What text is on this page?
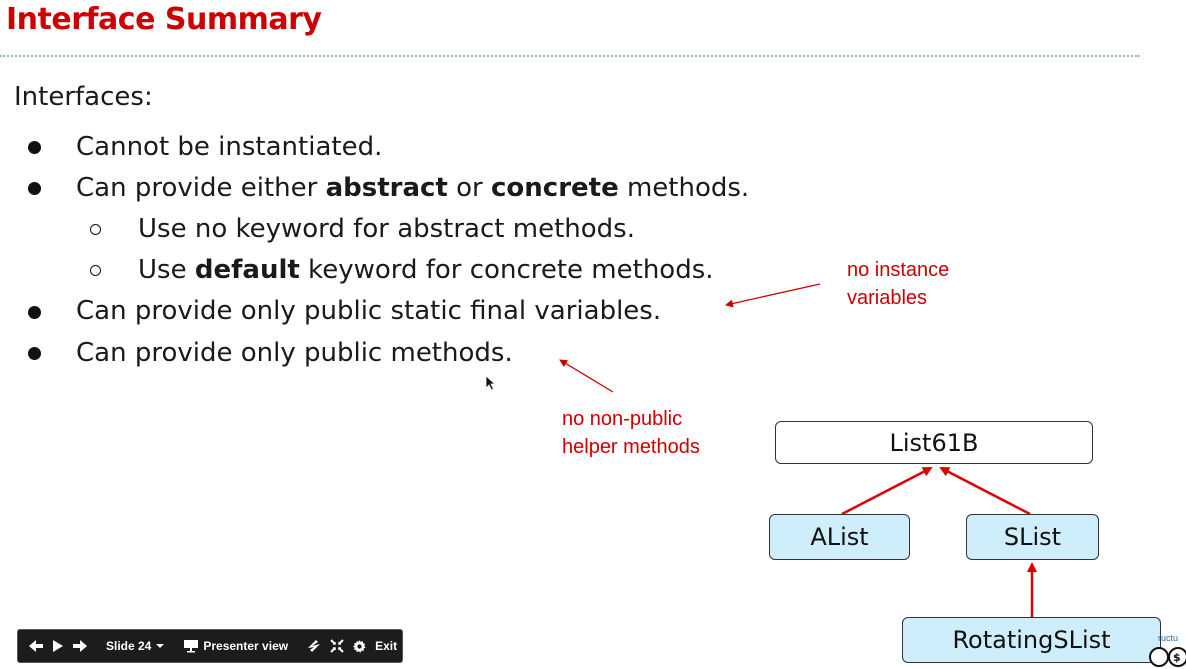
Interface Summary
Interfaces:
Cannot be instantiated.
Can provide either abstract or concrete methods.
Use no keyword for abstract methods.
Use default keyword for concrete methods.
Can provide only public static final variables.
Can provide only public methods.
no instance
variables
no non-public
helper methods	List61B
AList	SList
RotatingSList
Slide 24	Presenter view	Exit
ructu
$
